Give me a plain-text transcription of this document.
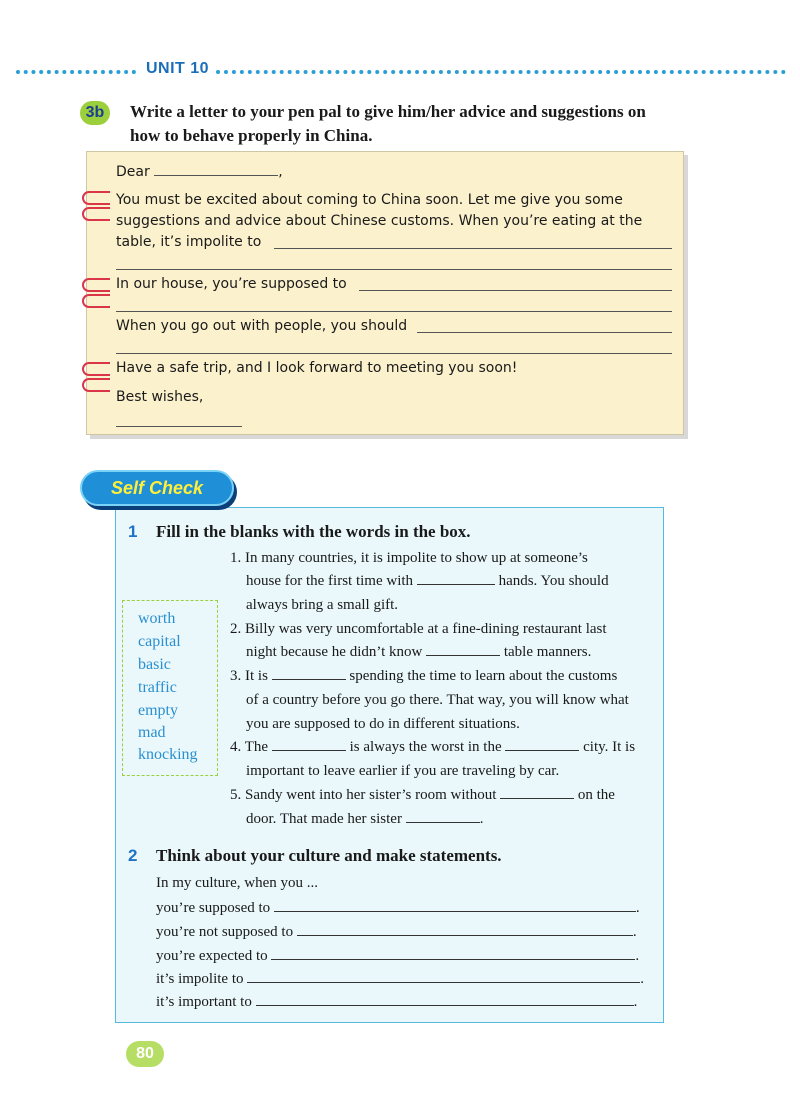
UNIT 10
3b	Write a letter to your pen pal to give him/her advice and suggestions on
how to behave properly in China.
Dear	,
You must be excited about coming to China soon. Let me give you some
suggestions and advice about Chinese customs. When you’re eating at the
table, it’s impolite to
In our house, you’re supposed to
When you go out with people, you should
Have a safe trip, and I look forward to meeting you soon!
Best wishes,
Self Check
1 Fill in the blanks with the words in the box.
worth
capital
basic
traffic
empty
mad
knocking
1. In many countries, it is impolite to show up at someone’s
house for the first time with	hands. You should
always bring a small gift.
2. Billy was very uncomfortable at a fine-dining restaurant last
night because he didn’t know	table manners.
3. It is	spending the time to learn about the customs
of a country before you go there. That way, you will know what
you are supposed to do in different situations.
4. The	is always the worst in the	city. It is
important to leave earlier if you are traveling by car.
5. Sandy went into her sister’s room without	on the
door. That made her sister	.
2 Think about your culture and make statements.
In my culture, when you ...
you’re supposed to	.
you’re not supposed to	.
you’re expected to	.
it’s impolite to	.
it’s important to	.
80
